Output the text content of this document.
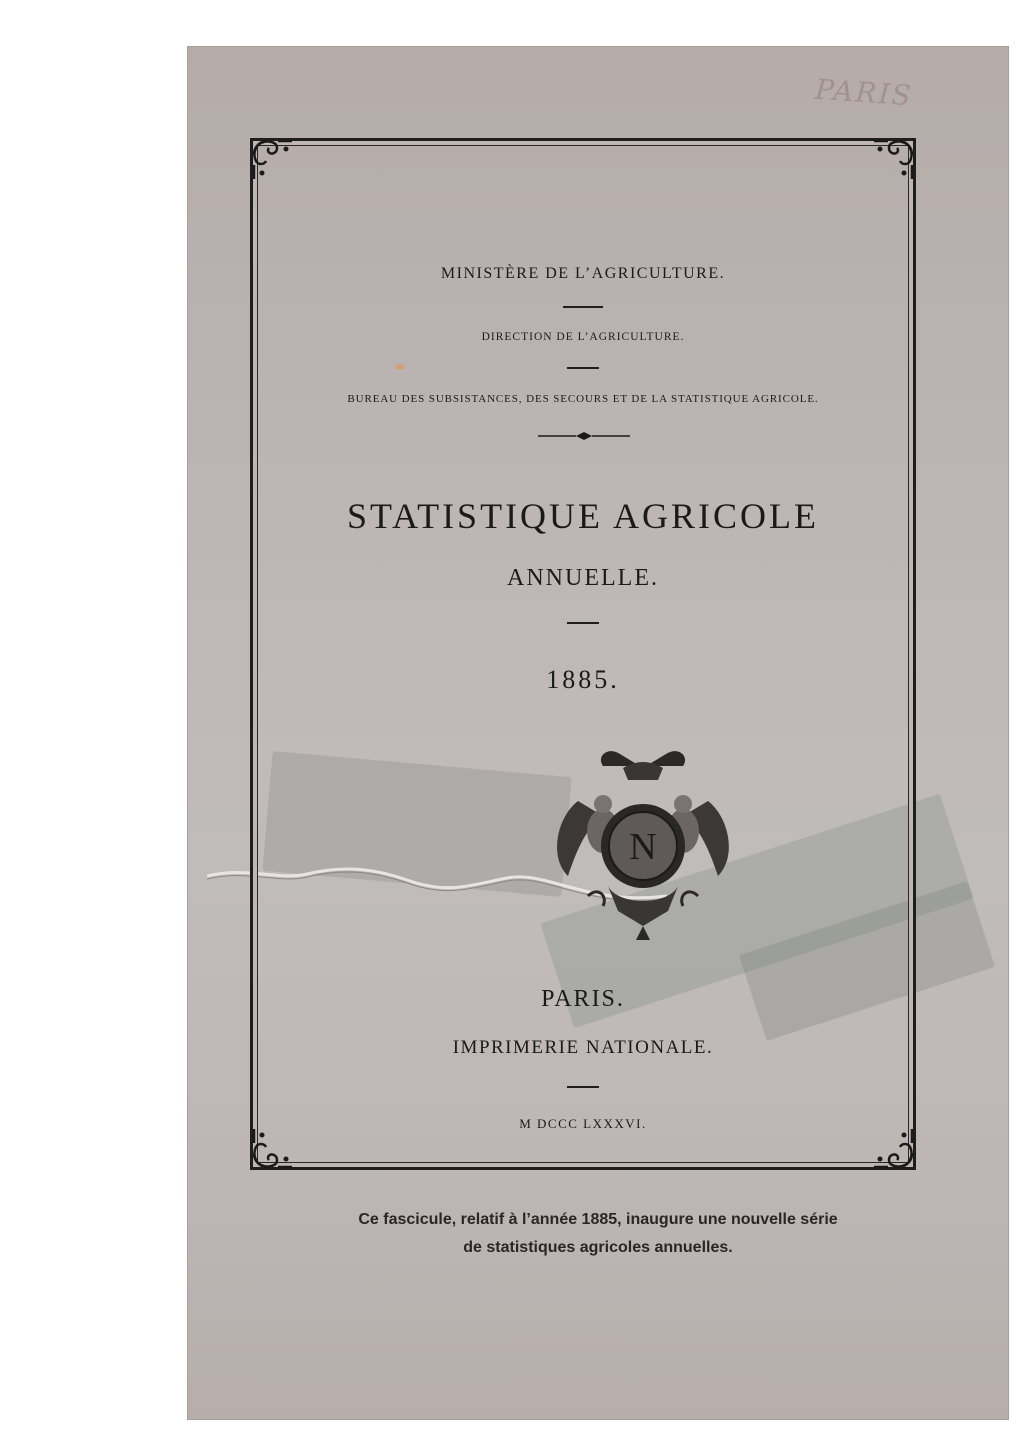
PARIS
MINISTÈRE DE L’AGRICULTURE.
DIRECTION DE L’AGRICULTURE.
BUREAU DES SUBSISTANCES, DES SECOURS ET DE LA STATISTIQUE AGRICOLE.
STATISTIQUE AGRICOLE
ANNUELLE.
1885.
N
PARIS.
IMPRIMERIE NATIONALE.
M DCCC LXXXVI.
Ce fascicule, relatif à l’année 1885, inaugure une nouvelle série
de statistiques agricoles annuelles.
